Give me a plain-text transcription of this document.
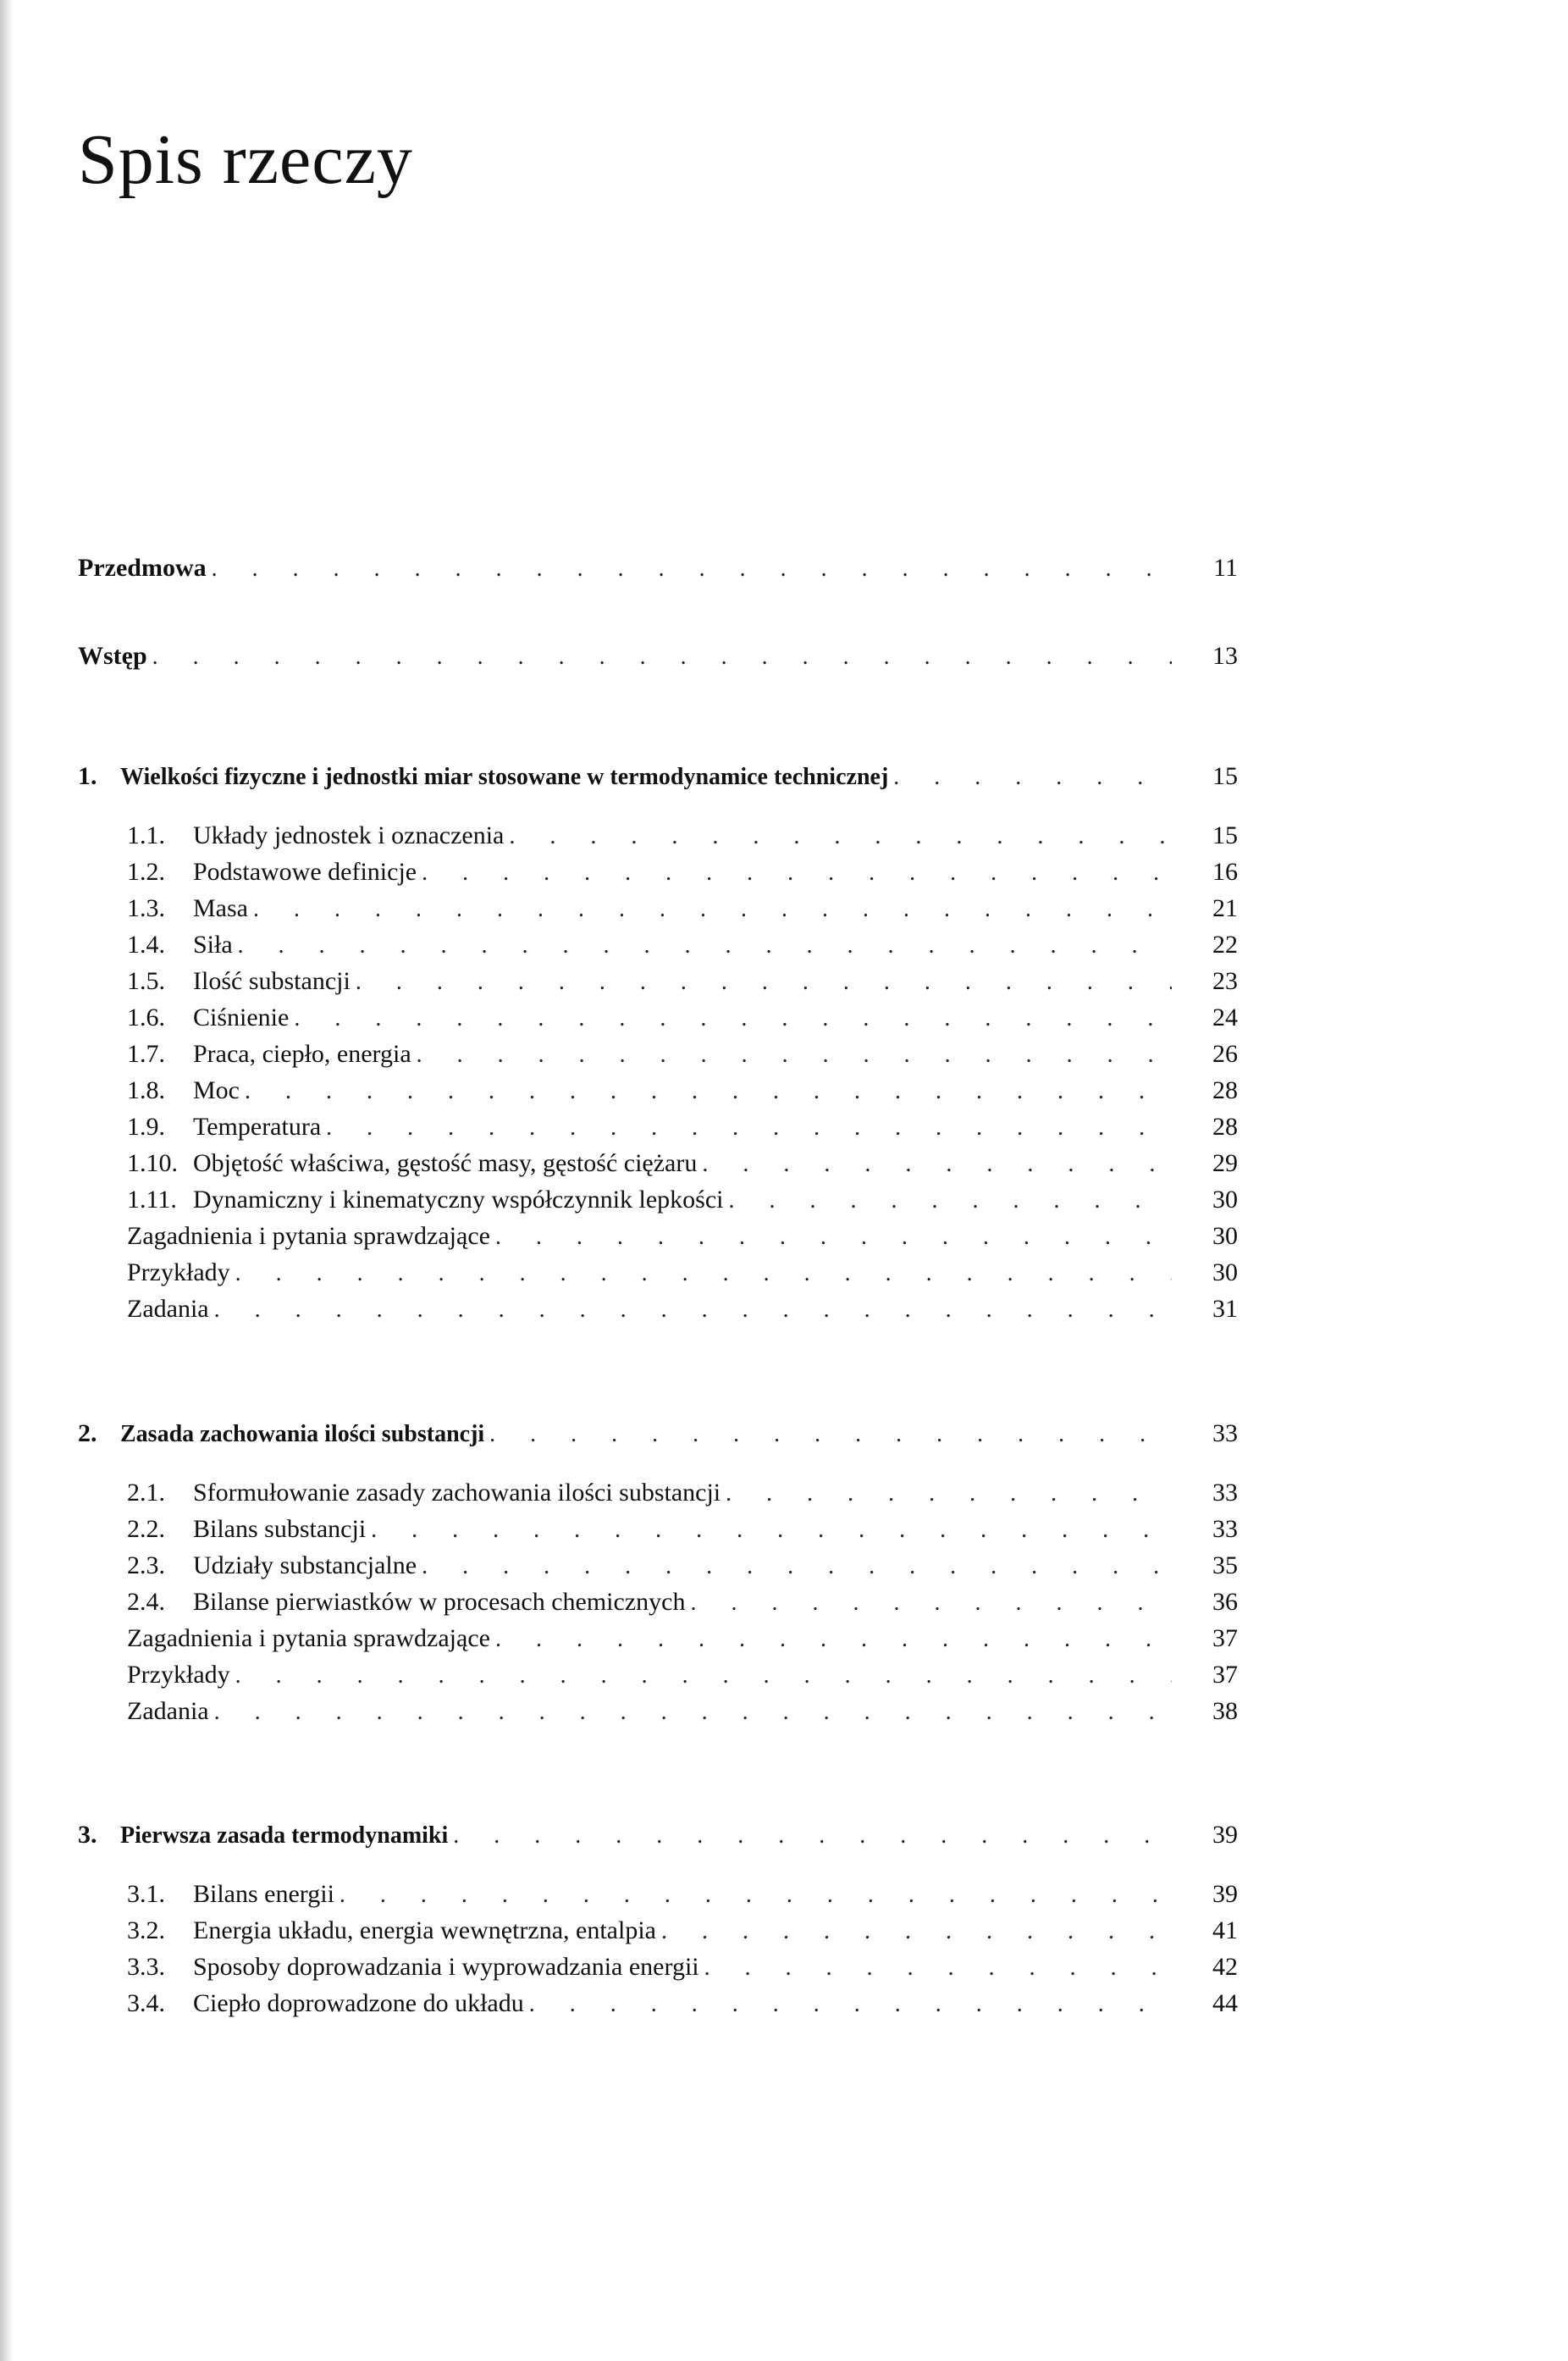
Spis rzeczy
Przedmowa . . .	11
Wstęp . . .	13
1. Wielkości fizyczne i jednostki miar stosowane w termodynamice technicznej . . .	15
1.1.	Układy jednostek i oznaczenia . . .	15
1.2.	Podstawowe definicje . . .	16
1.3.	Masa . . .	21
1.4.	Siła . . .	22
1.5.	Ilość substancji . . .	23
1.6.	Ciśnienie . . .	24
1.7.	Praca, ciepło, energia . . .	26
1.8.	Moc . . .	28
1.9.	Temperatura . . .	28
1.10. Objętość właściwa, gęstość masy, gęstość ciężaru . . .	29
1.11. Dynamiczny i kinematyczny współczynnik lepkości . . .	30
Zagadnienia i pytania sprawdzające . . .	30
Przykłady . . .	30
Zadania . . .	31
2. Zasada zachowania ilości substancji . . .	33
2.1.	Sformułowanie zasady zachowania ilości substancji . . .	33
2.2.	Bilans substancji . . .	33
2.3.	Udziały substancjalne . . .	35
2.4.	Bilanse pierwiastków w procesach chemicznych . . .	36
Zagadnienia i pytania sprawdzające . . .	37
Przykłady . . .	37
Zadania . . .	38
3. Pierwsza zasada termodynamiki . . .	39
3.1.	Bilans energii . . .	39
3.2.	Energia układu, energia wewnętrzna, entalpia . . .	41
3.3.	Sposoby doprowadzania i wyprowadzania energii . . .	42
3.4.	Ciepło doprowadzone do układu . . .	44
